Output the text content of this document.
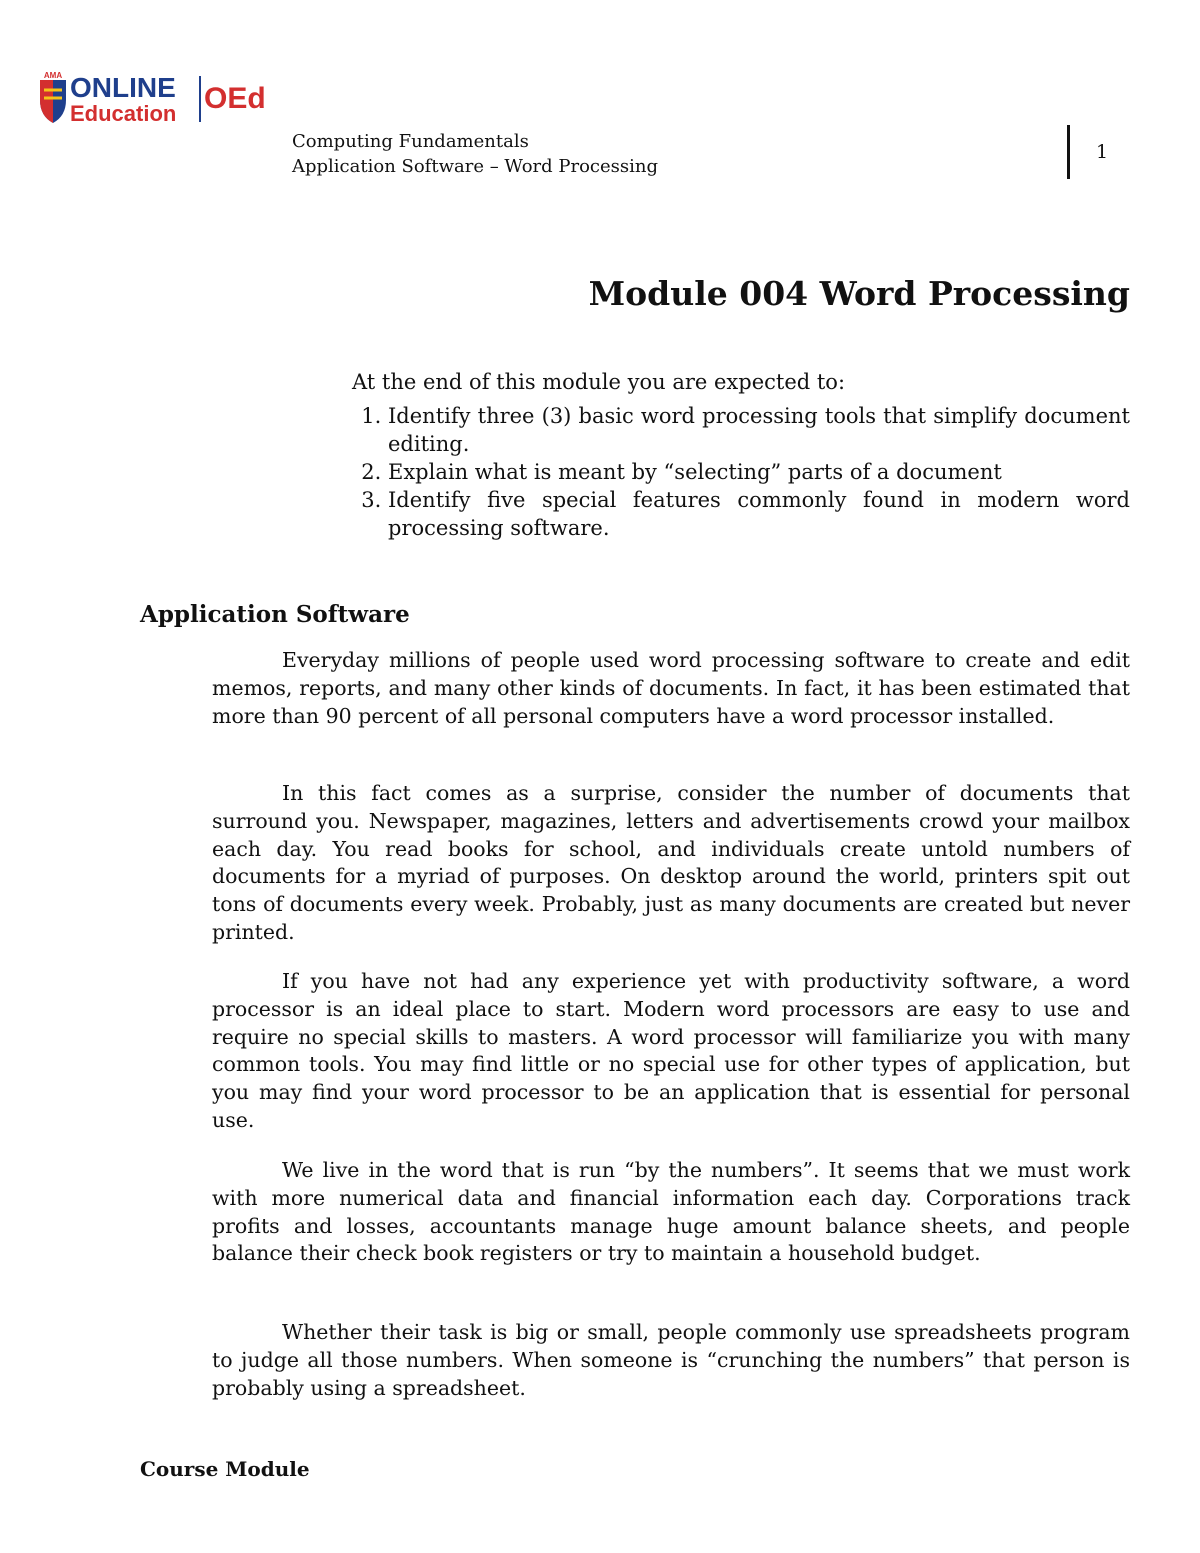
AMA ONLINE
Education OEd
Computing Fundamentals
Application Software – Word Processing
1
Module 004 Word Processing

At the end of this module you are expected to:

1. Identify three (3) basic word processing tools that simplify document editing.
2. Explain what is meant by “selecting” parts of a document
3. Identify five special features commonly found in modern word processing software.
Application Software

Everyday millions of people used word processing software to create and edit memos, reports, and many other kinds of documents. In fact, it has been estimated that more than 90 percent of all personal computers have a word processor installed.

In this fact comes as a surprise, consider the number of documents that surround you. Newspaper, magazines, letters and advertisements crowd your mailbox each day. You read books for school, and individuals create untold numbers of documents for a myriad of purposes. On desktop around the world, printers spit out tons of documents every week. Probably, just as many documents are created but never printed.

If you have not had any experience yet with productivity software, a word processor is an ideal place to start. Modern word processors are easy to use and require no special skills to masters. A word processor will familiarize you with many common tools. You may find little or no special use for other types of application, but you may find your word processor to be an application that is essential for personal use.

We live in the word that is run “by the numbers”. It seems that we must work with more numerical data and financial information each day. Corporations track profits and losses, accountants manage huge amount balance sheets, and people balance their check book registers or try to maintain a household budget.

Whether their task is big or small, people commonly use spreadsheets program to judge all those numbers. When someone is “crunching the numbers” that person is probably using a spreadsheet.

Course Module
